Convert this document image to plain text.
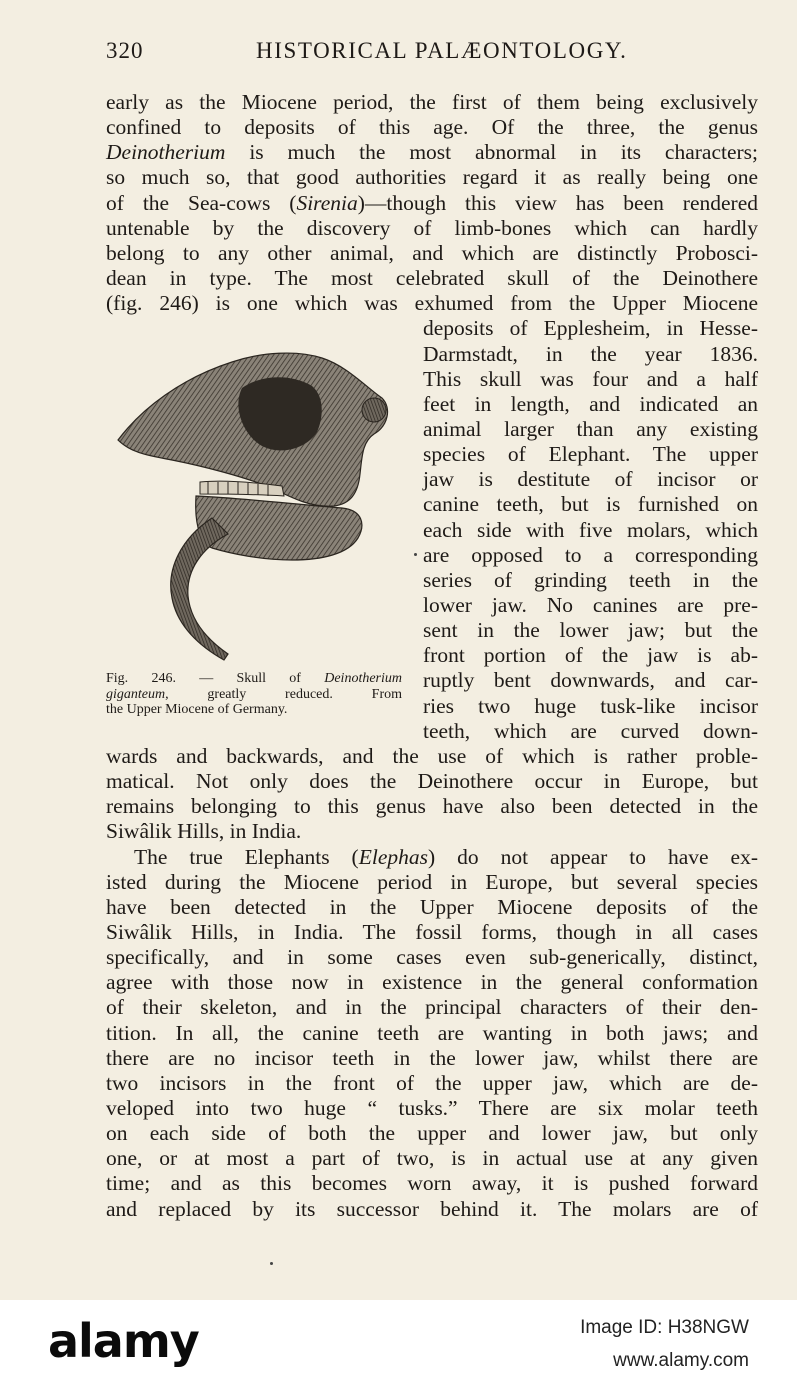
320	HISTORICAL PALÆONTOLOGY.
early as the Miocene period, the first of them being exclusively
confined to deposits of this age. Of the three, the genus
Deinotherium is much the most abnormal in its characters;
so much so, that good authorities regard it as really being one
of the Sea-cows (Sirenia)—though this view has been rendered
untenable by the discovery of limb-bones which can hardly
belong to any other animal, and which are distinctly Probosci-
dean in type. The most celebrated skull of the Deinothere
(fig. 246) is one which was exhumed from the Upper Miocene
deposits of Epplesheim, in Hesse-
Darmstadt, in the year 1836.
This skull was four and a half
feet in length, and indicated an
animal larger than any existing
species of Elephant. The upper
jaw is destitute of incisor or
canine teeth, but is furnished on
each side with five molars, which
are opposed to a corresponding
series of grinding teeth in the
lower jaw. No canines are pre-
sent in the lower jaw; but the
front portion of the jaw is ab-
ruptly bent downwards, and car-
ries two huge tusk-like incisor
teeth, which are curved down-
wards and backwards, and the use of which is rather proble-
matical. Not only does the Deinothere occur in Europe, but
remains belonging to this genus have also been detected in the
Siwâlik Hills, in India.
The true Elephants (Elephas) do not appear to have ex-
isted during the Miocene period in Europe, but several species
have been detected in the Upper Miocene deposits of the
Siwâlik Hills, in India. The fossil forms, though in all cases
specifically, and in some cases even sub-generically, distinct,
agree with those now in existence in the general conformation
of their skeleton, and in the principal characters of their den-
tition. In all, the canine teeth are wanting in both jaws; and
there are no incisor teeth in the lower jaw, whilst there are
two incisors in the front of the upper jaw, which are de-
veloped into two huge “ tusks.” There are six molar teeth
on each side of both the upper and lower jaw, but only
one, or at most a part of two, is in actual use at any given
time; and as this becomes worn away, it is pushed forward
and replaced by its successor behind it. The molars are of
Fig. 246. — Skull of Deinotherium
giganteum, greatly reduced. From
the Upper Miocene of Germany.
alamy	Image ID: H38NGW
www.alamy.com
